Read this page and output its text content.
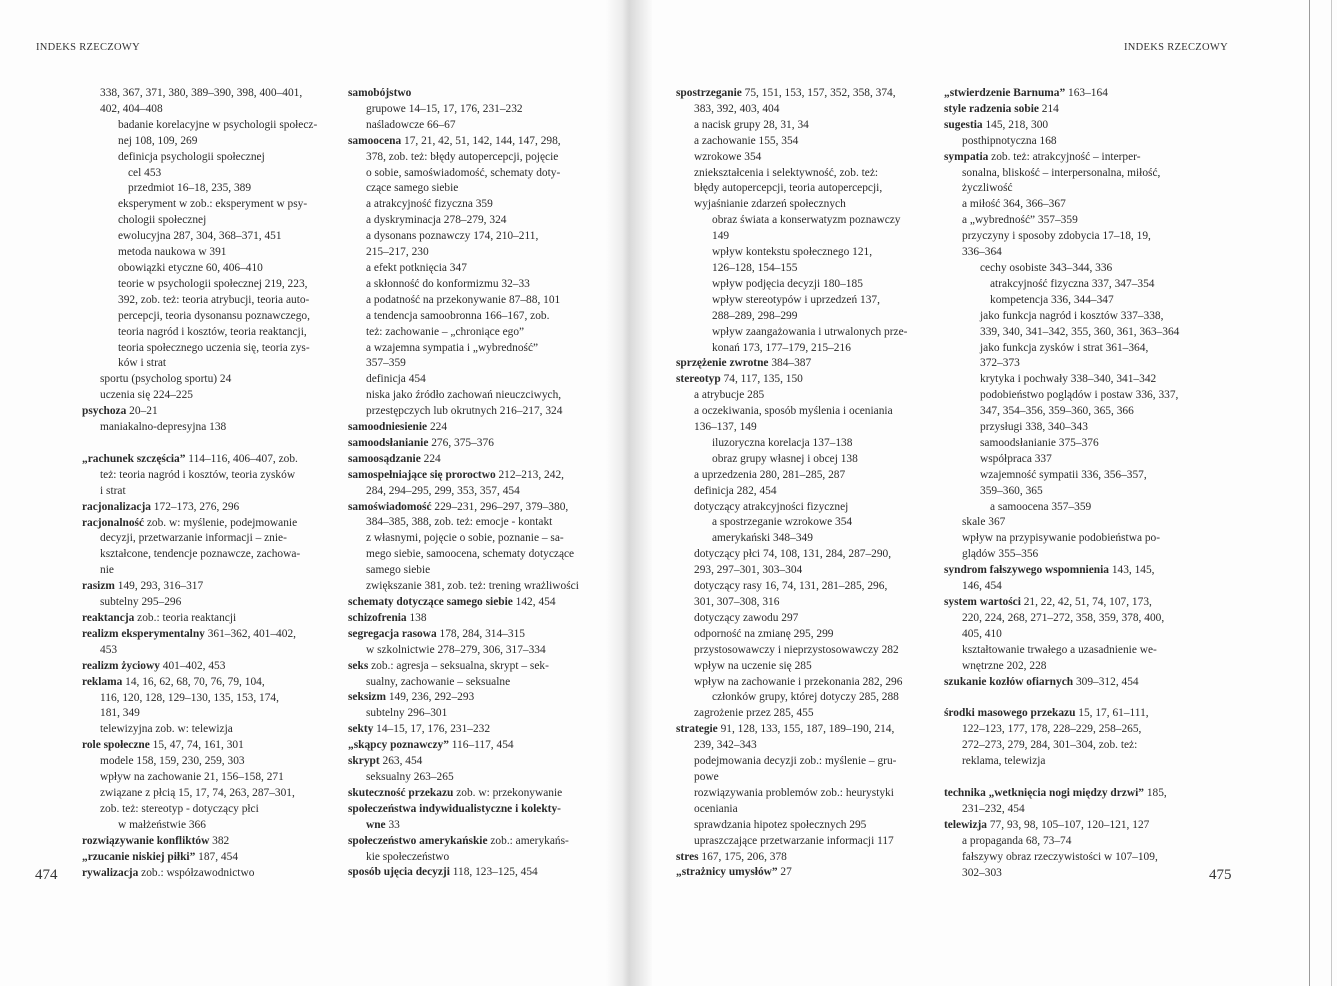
INDEKS RZECZOWY	INDEKS RZECZOWY
474	475
338, 367, 371, 380, 389–390, 398, 400–401,
402, 404–408
badanie korelacyjne w psychologii społecz-
nej 108, 109, 269
definicja psychologii społecznej
cel 453
przedmiot 16–18, 235, 389
eksperyment w zob.: eksperyment w psy-
chologii społecznej
ewolucyjna 287, 304, 368–371, 451
metoda naukowa w 391
obowiązki etyczne 60, 406–410
teorie w psychologii społecznej 219, 223,
392, zob. też: teoria atrybucji, teoria auto-
percepcji, teoria dysonansu poznawczego,
teoria nagród i kosztów, teoria reaktancji,
teoria społecznego uczenia się, teoria zys-
ków i strat
sportu (psycholog sportu) 24
uczenia się 224–225
psychoza 20–21
maniakalno-depresyjna 138
„rachunek szczęścia” 114–116, 406–407, zob.
też: teoria nagród i kosztów, teoria zysków
i strat
racjonalizacja 172–173, 276, 296
racjonalność zob. w: myślenie, podejmowanie
decyzji, przetwarzanie informacji – znie-
kształcone, tendencje poznawcze, zachowa-
nie
rasizm 149, 293, 316–317
subtelny 295–296
reaktancja zob.: teoria reaktancji
realizm eksperymentalny 361–362, 401–402,
453
realizm życiowy 401–402, 453
reklama 14, 16, 62, 68, 70, 76, 79, 104,
116, 120, 128, 129–130, 135, 153, 174,
181, 349
telewizyjna zob. w: telewizja
role społeczne 15, 47, 74, 161, 301
modele 158, 159, 230, 259, 303
wpływ na zachowanie 21, 156–158, 271
związane z płcią 15, 17, 74, 263, 287–301,
zob. też: stereotyp - dotyczący płci
w małżeństwie 366
rozwiązywanie konfliktów 382
„rzucanie niskiej piłki” 187, 454
rywalizacja zob.: współzawodnictwo
samobójstwo
grupowe 14–15, 17, 176, 231–232
naśladowcze 66–67
samoocena 17, 21, 42, 51, 142, 144, 147, 298,
378, zob. też: błędy autopercepcji, pojęcie
o sobie, samoświadomość, schematy doty-
czące samego siebie
a atrakcyjność fizyczna 359
a dyskryminacja 278–279, 324
a dysonans poznawczy 174, 210–211,
215–217, 230
a efekt potknięcia 347
a skłonność do konformizmu 32–33
a podatność na przekonywanie 87–88, 101
a tendencja samoobronna 166–167, zob.
też: zachowanie – „chroniące ego”
a wzajemna sympatia i „wybredność”
357–359
definicja 454
niska jako źródło zachowań nieuczciwych,
przestępczych lub okrutnych 216–217, 324
samoodniesienie 224
samoodsłanianie 276, 375–376
samoosądzanie 224
samospełniające się proroctwo 212–213, 242,
284, 294–295, 299, 353, 357, 454
samoświadomość 229–231, 296–297, 379–380,
384–385, 388, zob. też: emocje - kontakt
z własnymi, pojęcie o sobie, poznanie – sa-
mego siebie, samoocena, schematy dotyczące
samego siebie
zwiększanie 381, zob. też: trening wrażliwości
schematy dotyczące samego siebie 142, 454
schizofrenia 138
segregacja rasowa 178, 284, 314–315
w szkolnictwie 278–279, 306, 317–334
seks zob.: agresja – seksualna, skrypt – sek-
sualny, zachowanie – seksualne
seksizm 149, 236, 292–293
subtelny 296–301
sekty 14–15, 17, 176, 231–232
„skąpcy poznawczy” 116–117, 454
skrypt 263, 454
seksualny 263–265
skuteczność przekazu zob. w: przekonywanie
społeczeństwa indywidualistyczne i kolekty-
wne 33
społeczeństwo amerykańskie zob.: amerykańs-
kie społeczeństwo
sposób ujęcia decyzji 118, 123–125, 454
spostrzeganie 75, 151, 153, 157, 352, 358, 374,
383, 392, 403, 404
a nacisk grupy 28, 31, 34
a zachowanie 155, 354
wzrokowe 354
zniekształcenia i selektywność, zob. też:
błędy autopercepcji, teoria autopercepcji,
wyjaśnianie zdarzeń społecznych
obraz świata a konserwatyzm poznawczy
149
wpływ kontekstu społecznego 121,
126–128, 154–155
wpływ podjęcia decyzji 180–185
wpływ stereotypów i uprzedzeń 137,
288–289, 298–299
wpływ zaangażowania i utrwalonych prze-
konań 173, 177–179, 215–216
sprzężenie zwrotne 384–387
stereotyp 74, 117, 135, 150
a atrybucje 285
a oczekiwania, sposób myślenia i oceniania
136–137, 149
iluzoryczna korelacja 137–138
obraz grupy własnej i obcej 138
a uprzedzenia 280, 281–285, 287
definicja 282, 454
dotyczący atrakcyjności fizycznej
a spostrzeganie wzrokowe 354
amerykański 348–349
dotyczący płci 74, 108, 131, 284, 287–290,
293, 297–301, 303–304
dotyczący rasy 16, 74, 131, 281–285, 296,
301, 307–308, 316
dotyczący zawodu 297
odporność na zmianę 295, 299
przystosowawczy i nieprzystosowawczy 282
wpływ na uczenie się 285
wpływ na zachowanie i przekonania 282, 296
członków grupy, której dotyczy 285, 288
zagrożenie przez 285, 455
strategie 91, 128, 133, 155, 187, 189–190, 214,
239, 342–343
podejmowania decyzji zob.: myślenie – gru-
powe
rozwiązywania problemów zob.: heurystyki
oceniania
sprawdzania hipotez społecznych 295
upraszczające przetwarzanie informacji 117
stres 167, 175, 206, 378
„strażnicy umysłów” 27
„stwierdzenie Barnuma” 163–164
style radzenia sobie 214
sugestia 145, 218, 300
posthipnotyczna 168
sympatia zob. też: atrakcyjność – interper-
sonalna, bliskość – interpersonalna, miłość,
życzliwość
a miłość 364, 366–367
a „wybredność” 357–359
przyczyny i sposoby zdobycia 17–18, 19,
336–364
cechy osobiste 343–344, 336
atrakcyjność fizyczna 337, 347–354
kompetencja 336, 344–347
jako funkcja nagród i kosztów 337–338,
339, 340, 341–342, 355, 360, 361, 363–364
jako funkcja zysków i strat 361–364,
372–373
krytyka i pochwały 338–340, 341–342
podobieństwo poglądów i postaw 336, 337,
347, 354–356, 359–360, 365, 366
przysługi 338, 340–343
samoodsłanianie 375–376
współpraca 337
wzajemność sympatii 336, 356–357,
359–360, 365
a samoocena 357–359
skale 367
wpływ na przypisywanie podobieństwa po-
glądów 355–356
syndrom fałszywego wspomnienia 143, 145,
146, 454
system wartości 21, 22, 42, 51, 74, 107, 173,
220, 224, 268, 271–272, 358, 359, 378, 400,
405, 410
kształtowanie trwałego a uzasadnienie we-
wnętrzne 202, 228
szukanie kozłów ofiarnych 309–312, 454
środki masowego przekazu 15, 17, 61–111,
122–123, 177, 178, 228–229, 258–265,
272–273, 279, 284, 301–304, zob. też:
reklama, telewizja
technika „wetknięcia nogi między drzwi” 185,
231–232, 454
telewizja 77, 93, 98, 105–107, 120–121, 127
a propaganda 68, 73–74
fałszywy obraz rzeczywistości w 107–109,
302–303
